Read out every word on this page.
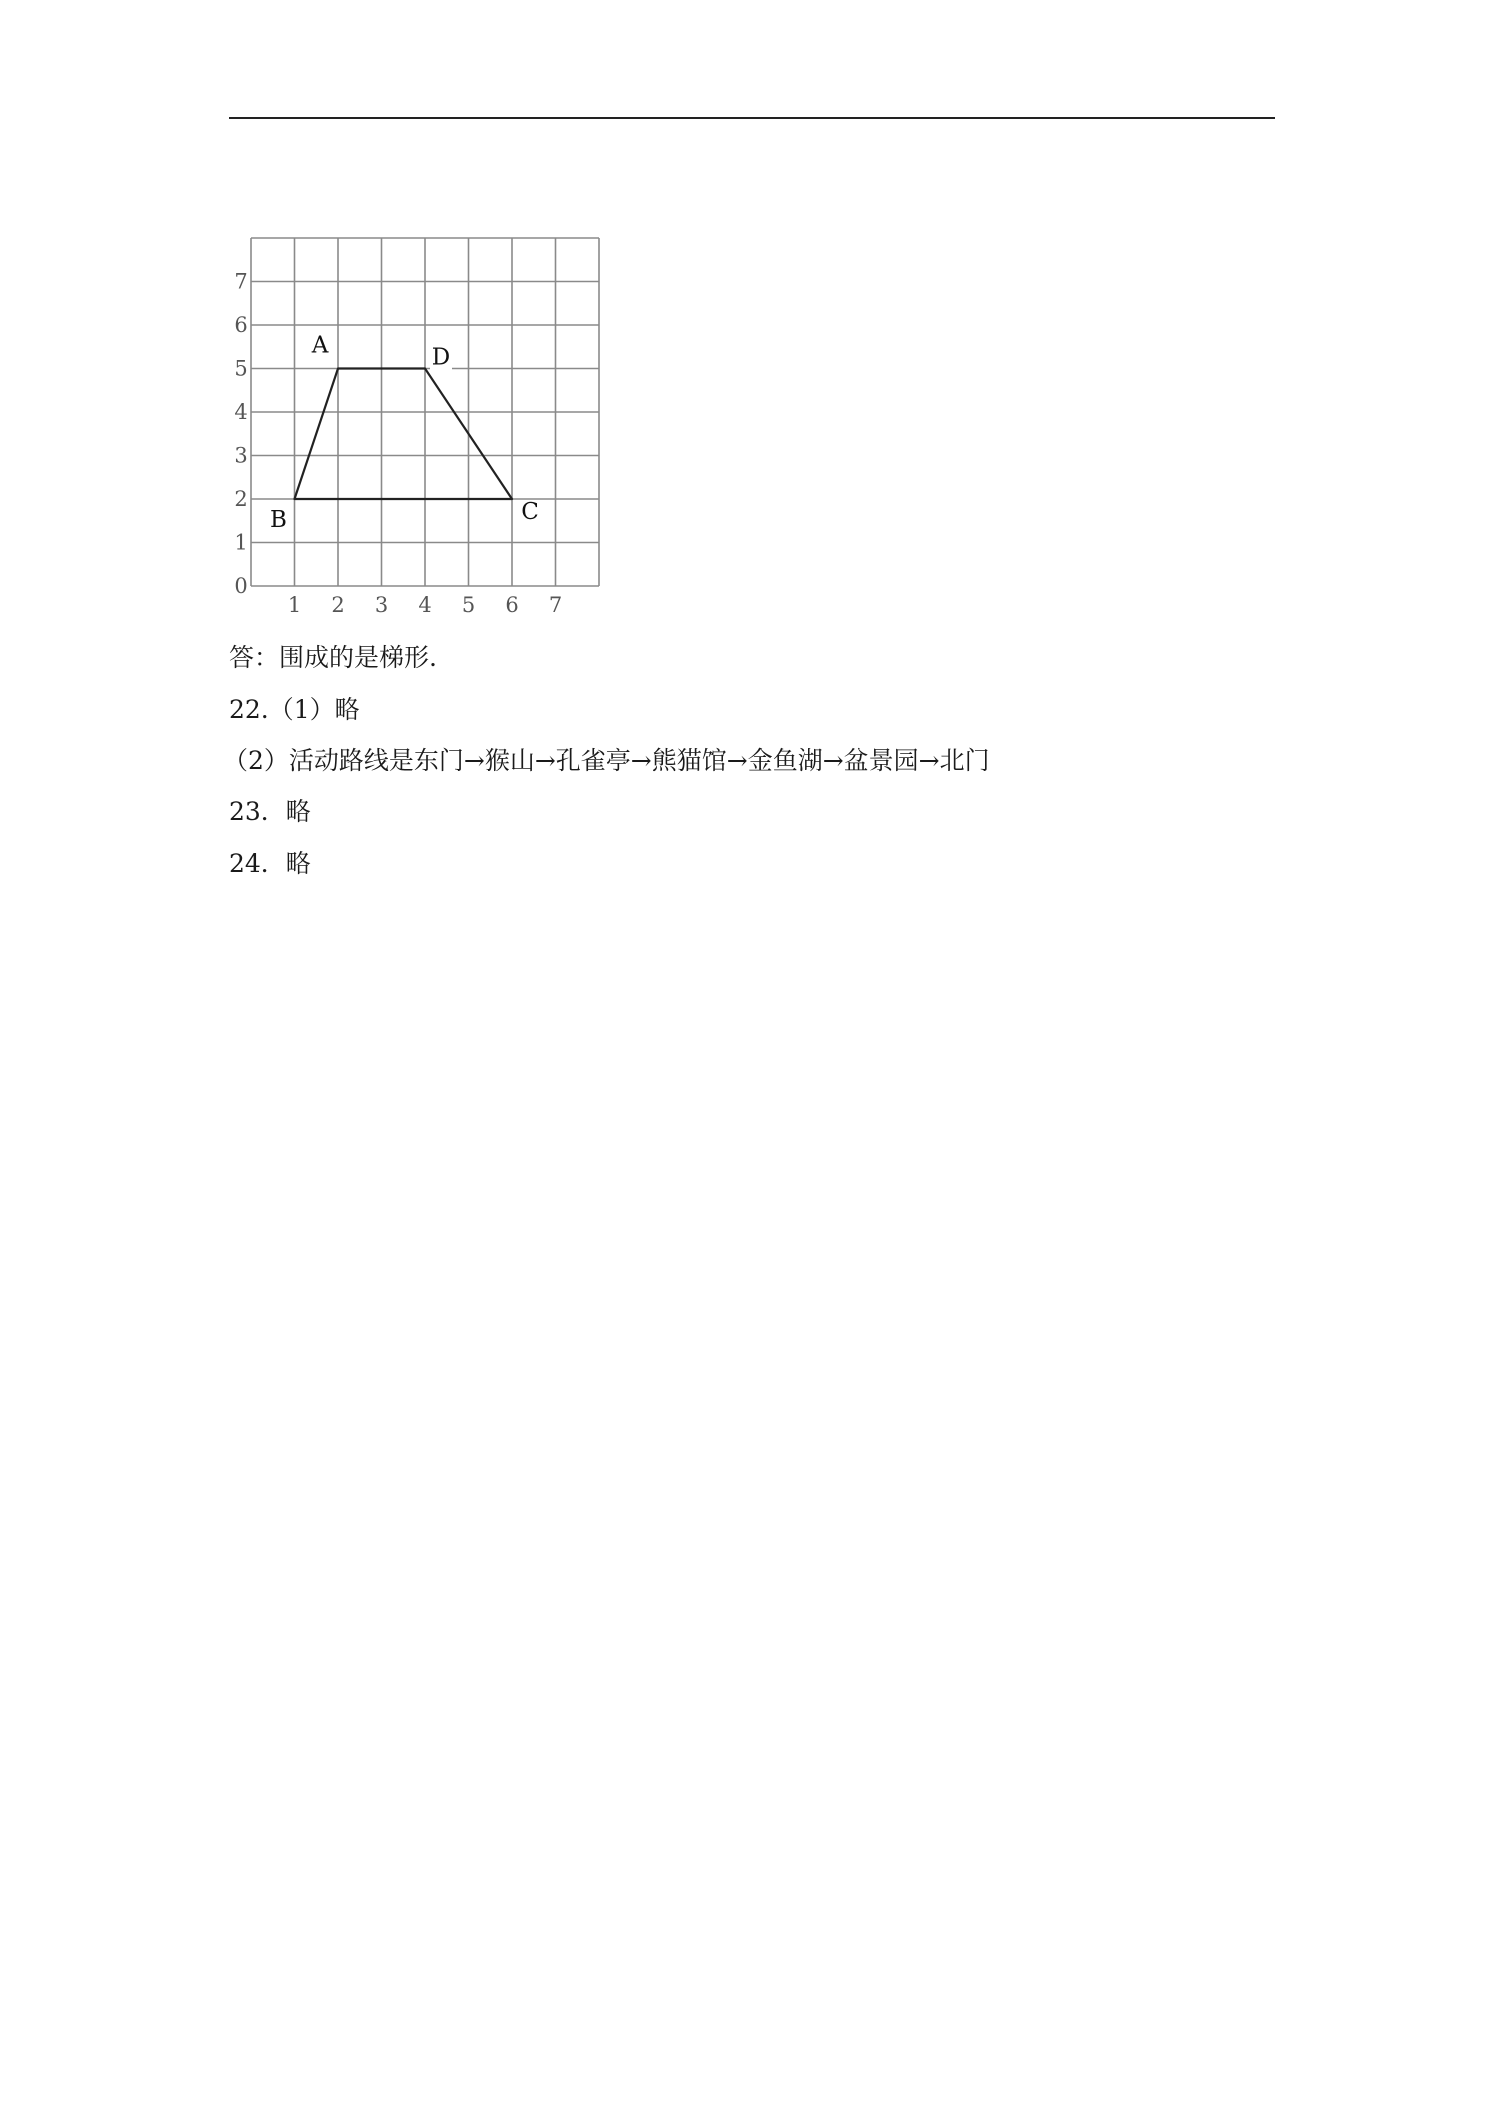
1 2 3 4 5 6 7
0
1
2
3
4
5
6
7
A	D
C
B
答：围成的是梯形.
22.（1）略
（2）活动路线是东门→猴山→孔雀亭→熊猫馆→金鱼湖→盆景园→北门
23．略
24．略
